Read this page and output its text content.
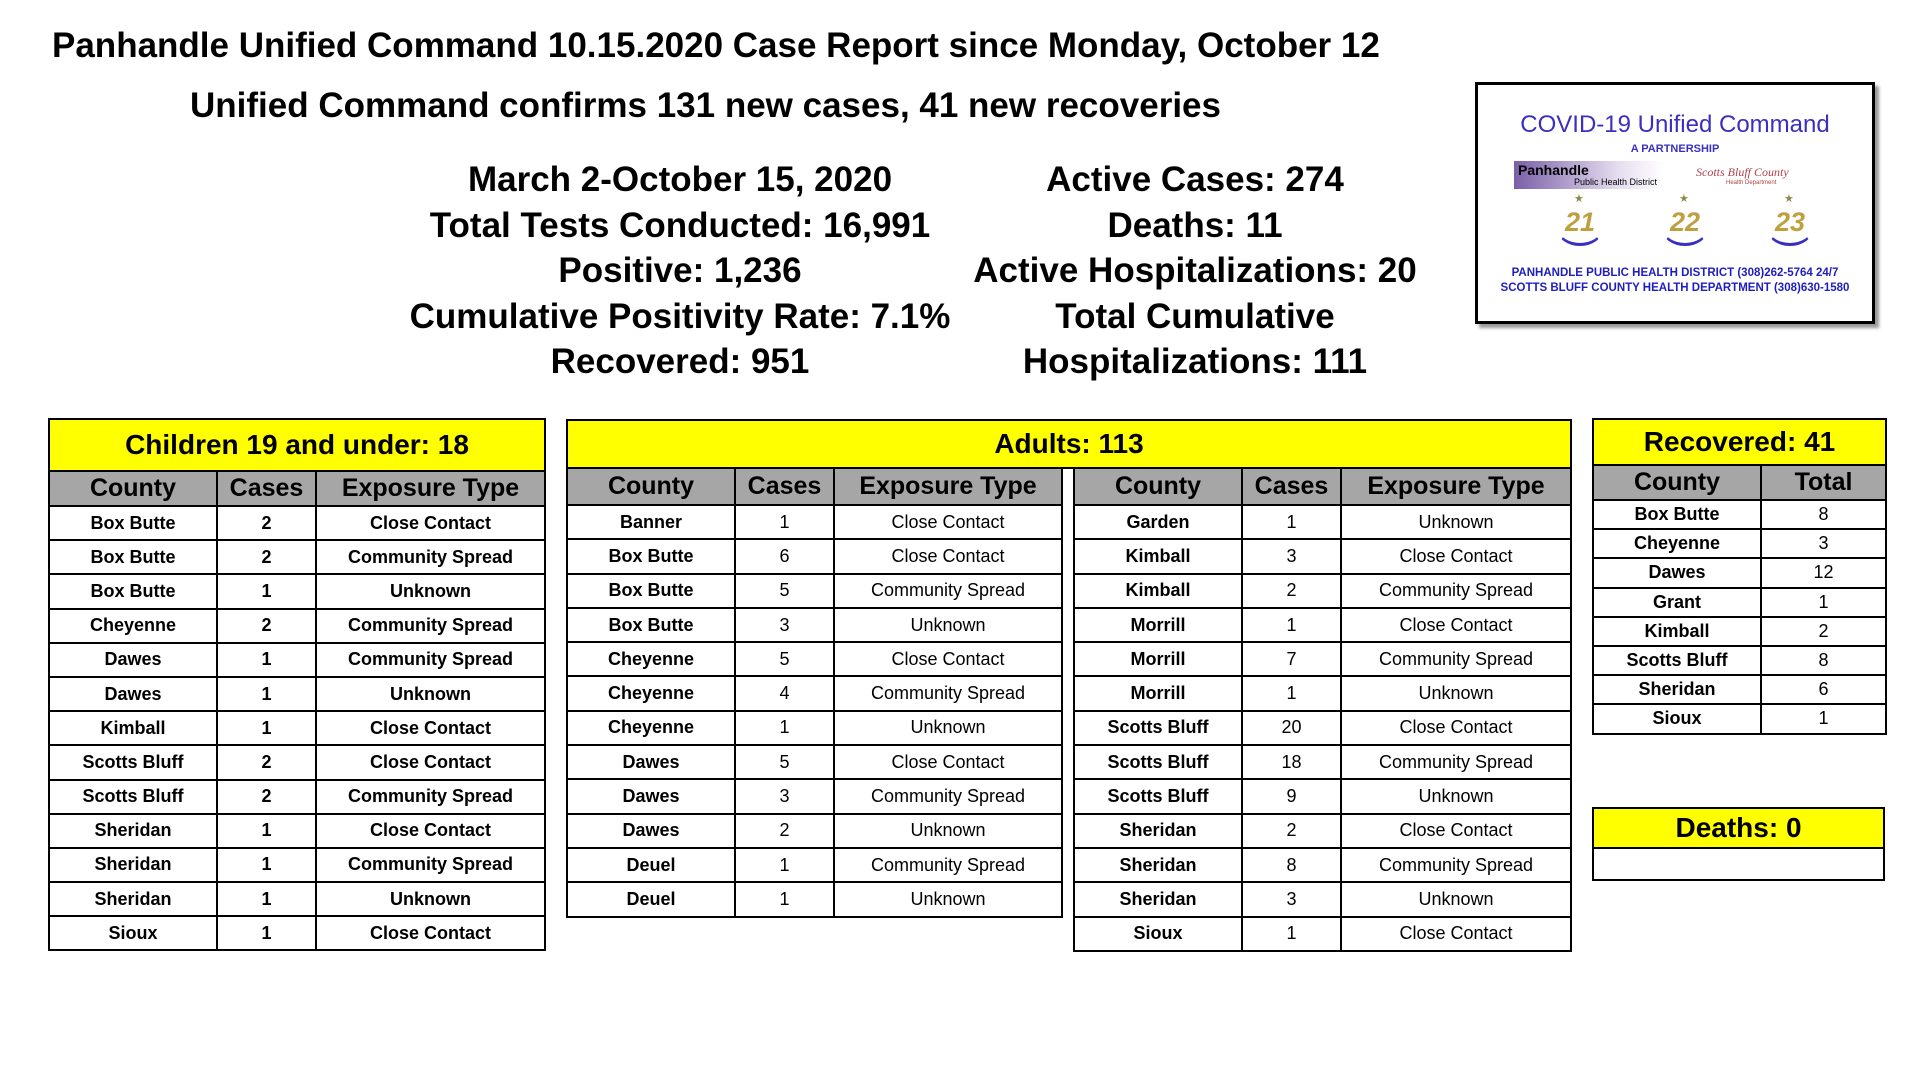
Panhandle Unified Command 10.15.2020 Case Report since Monday, October 12
Unified Command confirms 131 new cases, 41 new recoveries
March 2-October 15, 2020
Total Tests Conducted: 16,991
Positive: 1,236
Cumulative Positivity Rate: 7.1%
Recovered: 951
Active Cases: 274
Deaths: 11
Active Hospitalizations: 20
Total Cumulative
Hospitalizations: 111
COVID-19 Unified Command
A PARTNERSHIP
Panhandle
Public Health District
Scotts Bluff County
Health Department
★
21
★
22
★
23
PANHANDLE PUBLIC HEALTH DISTRICT (308)262-5764 24/7
SCOTTS BLUFF COUNTY HEALTH DEPARTMENT (308)630-1580
Children 19 and under: 18		
County	Cases	Exposure Type
Box Butte	2	Close Contact
Box Butte	2	Community Spread
Box Butte	1	Unknown
Cheyenne	2	Community Spread
Dawes	1	Community Spread
Dawes	1	Unknown
Kimball	1	Close Contact
Scotts Bluff	2	Close Contact
Scotts Bluff	2	Community Spread
Sheridan	1	Close Contact
Sheridan	1	Community Spread
Sheridan	1	Unknown
Sioux	1	Close Contact
Adults: 113						
County	Cases	Exposure Type		County	Cases	Exposure Type
Banner	1	Close Contact		Garden	1	Unknown
Box Butte	6	Close Contact		Kimball	3	Close Contact
Box Butte	5	Community Spread		Kimball	2	Community Spread
Box Butte	3	Unknown		Morrill	1	Close Contact
Cheyenne	5	Close Contact		Morrill	7	Community Spread
Cheyenne	4	Community Spread		Morrill	1	Unknown
Cheyenne	1	Unknown		Scotts Bluff	20	Close Contact
Dawes	5	Close Contact		Scotts Bluff	18	Community Spread
Dawes	3	Community Spread		Scotts Bluff	9	Unknown
Dawes	2	Unknown		Sheridan	2	Close Contact
Deuel	1	Community Spread		Sheridan	8	Community Spread
Deuel	1	Unknown		Sheridan	3	Unknown
				Sioux	1	Close Contact
Recovered: 41	
County	Total
Box Butte	8
Cheyenne	3
Dawes	12
Grant	1
Kimball	2
Scotts Bluff	8
Sheridan	6
Sioux	1
Deaths: 0
